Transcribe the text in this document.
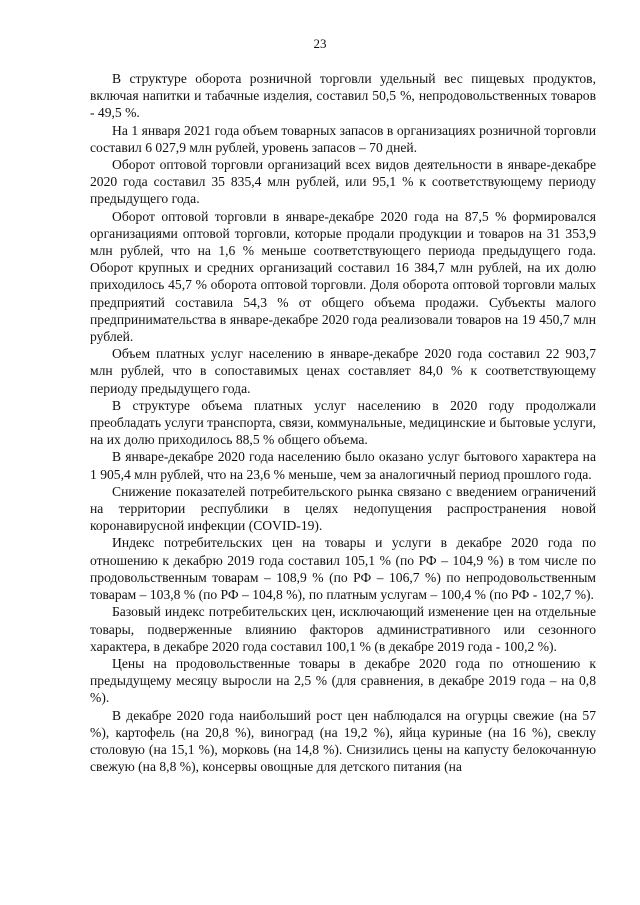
23

В структуре оборота розничной торговли удельный вес пищевых продуктов, включая напитки и табачные изделия, составил 50,5 %, непродовольственных товаров - 49,5 %.

На 1 января 2021 года объем товарных запасов в организациях розничной торговли составил 6 027,9 млн рублей, уровень запасов – 70 дней.

Оборот оптовой торговли организаций всех видов деятельности в январе-декабре 2020 года составил 35 835,4 млн рублей, или 95,1 % к соответствующему периоду предыдущего года.

Оборот оптовой торговли в январе-декабре 2020 года на 87,5 % формировался организациями оптовой торговли, которые продали продукции и товаров на 31 353,9 млн рублей, что на 1,6 % меньше соответствующего периода предыдущего года. Оборот крупных и средних организаций составил 16 384,7 млн рублей, на их долю приходилось 45,7 % оборота оптовой торговли. Доля оборота оптовой торговли малых предприятий составила 54,3 % от общего объема продажи. Субъекты малого предпринимательства в январе-декабре 2020 года реализовали товаров на 19 450,7 млн рублей.

Объем платных услуг населению в январе-декабре 2020 года составил 22 903,7 млн рублей, что в сопоставимых ценах составляет 84,0 % к соответствующему периоду предыдущего года.

В структуре объема платных услуг населению в 2020 году продолжали преобладать услуги транспорта, связи, коммунальные, медицинские и бытовые услуги, на их долю приходилось 88,5 % общего объема.

В январе-декабре 2020 года населению было оказано услуг бытового характера на 1 905,4 млн рублей, что на 23,6 % меньше, чем за аналогичный период прошлого года.

Снижение показателей потребительского рынка связано с введением ограничений на территории республики в целях недопущения распространения новой коронавирусной инфекции (COVID-19).

Индекс потребительских цен на товары и услуги в декабре 2020 года по отношению к декабрю 2019 года составил 105,1 % (по РФ – 104,9 %) в том числе по продовольственным товарам – 108,9 % (по РФ – 106,7 %) по непродовольственным товарам – 103,8 % (по РФ – 104,8 %), по платным услугам – 100,4 % (по РФ - 102,7 %).

Базовый индекс потребительских цен, исключающий изменение цен на отдельные товары, подверженные влиянию факторов административного или сезонного характера, в декабре 2020 года составил 100,1 % (в декабре 2019 года - 100,2 %).

Цены на продовольственные товары в декабре 2020 года по отношению к предыдущему месяцу выросли на 2,5 % (для сравнения, в декабре 2019 года – на 0,8 %).

В декабре 2020 года наибольший рост цен наблюдался на огурцы свежие (на 57 %), картофель (на 20,8 %), виноград (на 19,2 %), яйца куриные (на 16 %), свеклу столовую (на 15,1 %), морковь (на 14,8 %). Снизились цены на капусту белокочанную свежую (на 8,8 %), консервы овощные для детского питания (на
